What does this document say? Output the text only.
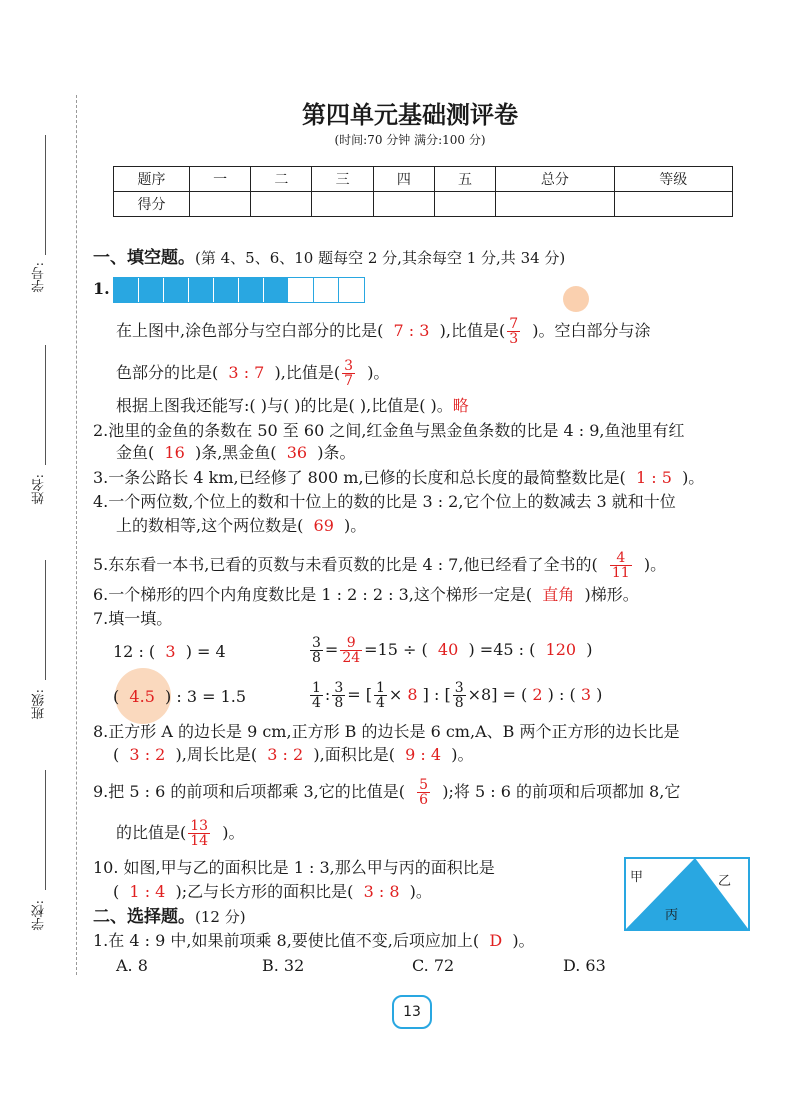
学号:
姓名:
班级:
学校:
第四单元基础测评卷
(时间:70 分钟 满分:100 分)
题序	一	二	三	四	五	总分	等级
得分							
一、填空题。(第 4、5、6、10 题每空 2 分,其余每空 1 分,共 34 分)
1.
在上图中,涂色部分与空白部分的比是( 7 : 3 ),比值是( $\frac{7}{3}$ )。空白部分与涂
色部分的比是( 3 : 7 ),比值是( $\frac{3}{7}$ )。
根据上图我还能写:( )与( )的比是( ),比值是( )。略
2.池里的金鱼的条数在 50 至 60 之间,红金鱼与黑金鱼条数的比是 4 : 9,鱼池里有红
金鱼( 16 )条,黑金鱼( 36 )条。
3.一条公路长 4 km,已经修了 800 m,已修的长度和总长度的最简整数比是( 1 : 5 )。
4.一个两位数,个位上的数和十位上的数的比是 3 : 2,它个位上的数减去 3 就和十位
上的数相等,这个两位数是( 69 )。
5.东东看一本书,已看的页数与未看页数的比是 4 : 7,他已经看了全书的( $\frac{4}{11}$ )。
6.一个梯形的四个内角度数比是 1 : 2 : 2 : 3,这个梯形一定是( 直角 )梯形。
7.填一填。
12 : ( 3 ) = 4	$\frac{3}{8} = \frac{9}{24} =15$ ÷ ( 40 ) =45 : ( 120 )
( 4.5 ) : 3 = 1.5	$\frac{1}{4}$ : $\frac{3}{8}$ = [ $\frac{1}{4} \times 8$ ] : [ $\frac{3}{8} \times 8$] = ( 2 ) : ( 3 )
8.正方形 A 的边长是 9 cm,正方形 B 的边长是 6 cm,A、B 两个正方形的边长比是
( 3 : 2 ),周长比是( 3 : 2 ),面积比是( 9 : 4 )。
9.把 5 : 6 的前项和后项都乘 3,它的比值是( $\frac{5}{6}$ );将 5 : 6 的前项和后项都加 8,它
的比值是( $\frac{13}{14}$ )。
10. 如图,甲与乙的面积比是 1 : 3,那么甲与丙的面积比是
( 1 : 4 );乙与长方形的面积比是( 3 : 8 )。
甲	乙
丙
二、选择题。(12 分)
1.在 4 : 9 中,如果前项乘 8,要使比值不变,后项应加上( D )。
A. 8	B. 32	C. 72	D. 63
13
